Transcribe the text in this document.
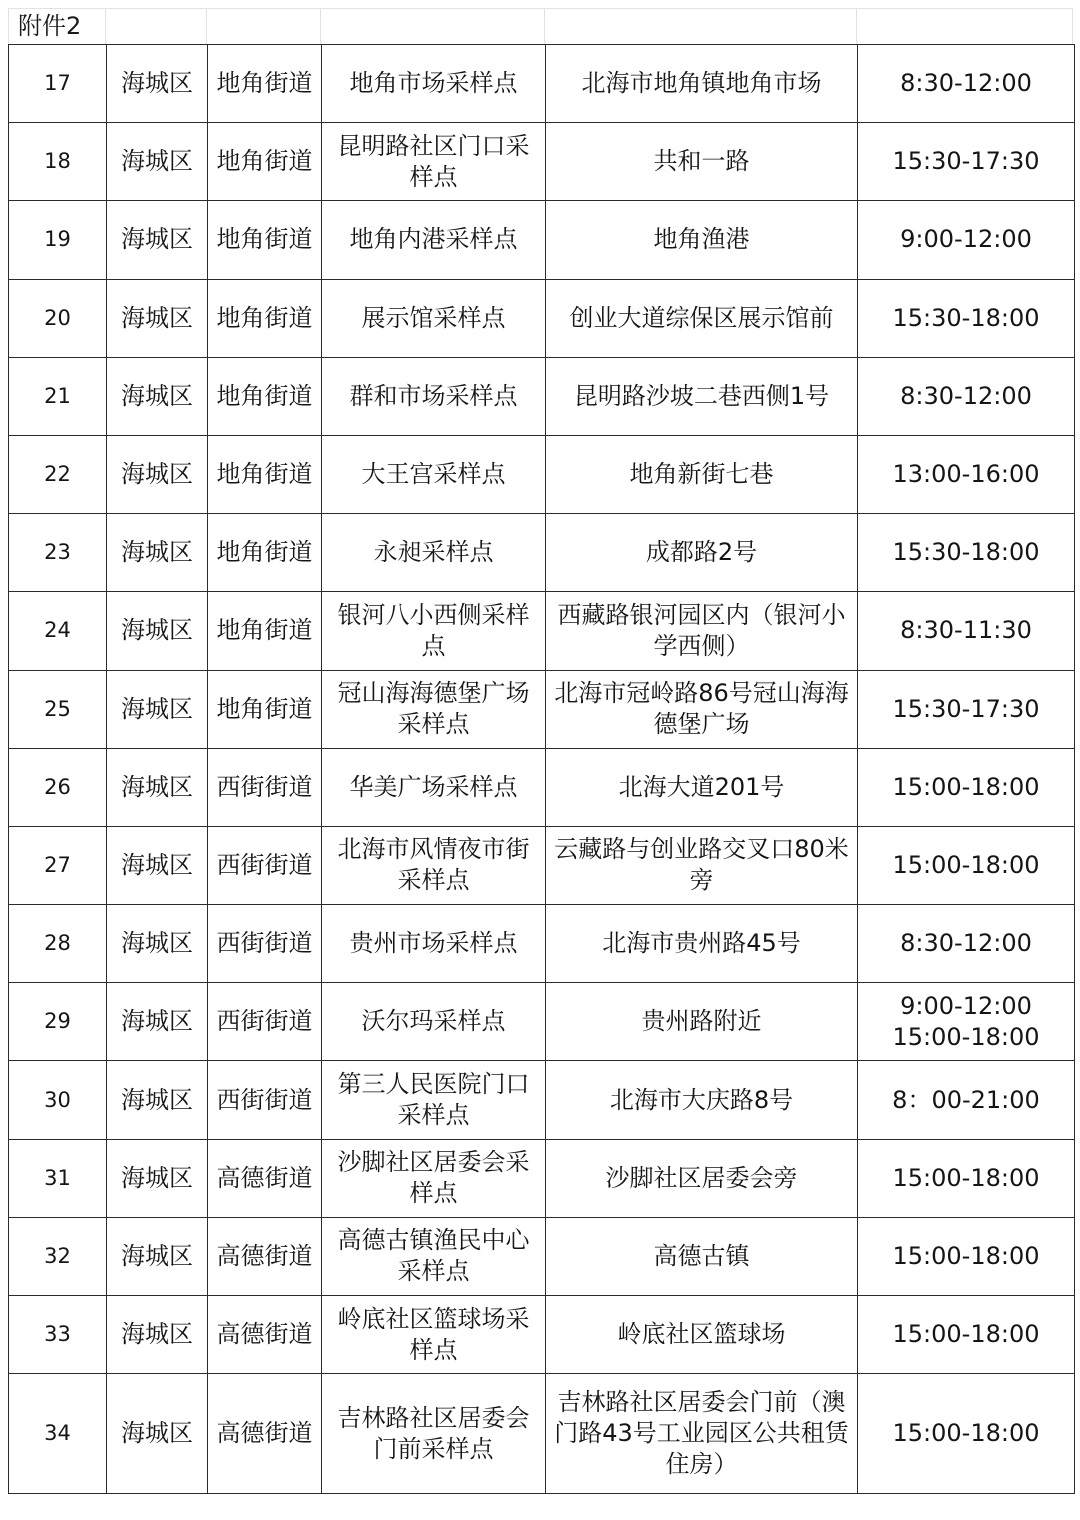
附件2
17	海城区	地角街道	地角市场采样点	北海市地角镇地角市场	8:30-12:00
18	海城区	地角街道	昆明路社区门口采样点	共和一路	15:30-17:30
19	海城区	地角街道	地角内港采样点	地角渔港	9:00-12:00
20	海城区	地角街道	展示馆采样点	创业大道综保区展示馆前	15:30-18:00
21	海城区	地角街道	群和市场采样点	昆明路沙坡二巷西侧1号	8:30-12:00
22	海城区	地角街道	大王宫采样点	地角新街七巷	13:00-16:00
23	海城区	地角街道	永昶采样点	成都路2号	15:30-18:00
24	海城区	地角街道	银河八小西侧采样点	西藏路银河园区内（银河小学西侧）	8:30-11:30
25	海城区	地角街道	冠山海海德堡广场采样点	北海市冠岭路86号冠山海海德堡广场	15:30-17:30
26	海城区	西街街道	华美广场采样点	北海大道201号	15:00-18:00
27	海城区	西街街道	北海市风情夜市街采样点	云藏路与创业路交叉口80米旁	15:00-18:00
28	海城区	西街街道	贵州市场采样点	北海市贵州路45号	8:30-12:00
29	海城区	西街街道	沃尔玛采样点	贵州路附近	9:00-12:00 15:00-18:00
30	海城区	西街街道	第三人民医院门口采样点	北海市大庆路8号	8：00-21:00
31	海城区	高德街道	沙脚社区居委会采样点	沙脚社区居委会旁	15:00-18:00
32	海城区	高德街道	高德古镇渔民中心采样点	高德古镇	15:00-18:00
33	海城区	高德街道	岭底社区篮球场采样点	岭底社区篮球场	15:00-18:00
34	海城区	高德街道	吉林路社区居委会门前采样点	吉林路社区居委会门前（澳门路43号工业园区公共租赁住房）	15:00-18:00
